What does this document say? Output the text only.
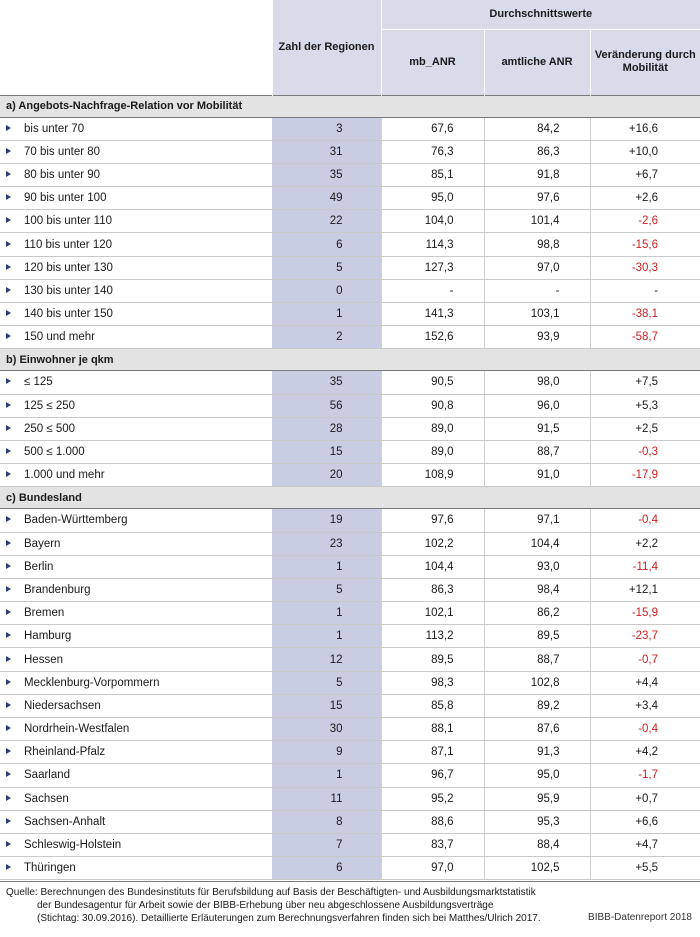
	Zahl der Regionen	Durchschnittswerte		
		mb_ANR	amtliche ANR	Veränderung durch Mobilität
a) Angebots-Nachfrage-Relation vor Mobilität				
bis unter 70	3	67,6	84,2	+16,6
70 bis unter 80	31	76,3	86,3	+10,0
80 bis unter 90	35	85,1	91,8	+6,7
90 bis unter 100	49	95,0	97,6	+2,6
100 bis unter 110	22	104,0	101,4	-2,6
110 bis unter 120	6	114,3	98,8	-15,6
120 bis unter 130	5	127,3	97,0	-30,3
130 bis unter 140	0	-	-	-
140 bis unter 150	1	141,3	103,1	-38,1
150 und mehr	2	152,6	93,9	-58,7
b) Einwohner je qkm				
≤ 125	35	90,5	98,0	+7,5
125 ≤ 250	56	90,8	96,0	+5,3
250 ≤ 500	28	89,0	91,5	+2,5
500 ≤ 1.000	15	89,0	88,7	-0,3
1.000 und mehr	20	108,9	91,0	-17,9
c) Bundesland				
Baden-Württemberg	19	97,6	97,1	-0,4
Bayern	23	102,2	104,4	+2,2
Berlin	1	104,4	93,0	-11,4
Brandenburg	5	86,3	98,4	+12,1
Bremen	1	102,1	86,2	-15,9
Hamburg	1	113,2	89,5	-23,7
Hessen	12	89,5	88,7	-0,7
Mecklenburg-Vorpommern	5	98,3	102,8	+4,4
Niedersachsen	15	85,8	89,2	+3,4
Nordrhein-Westfalen	30	88,1	87,6	-0,4
Rheinland-Pfalz	9	87,1	91,3	+4,2
Saarland	1	96,7	95,0	-1,7
Sachsen	11	95,2	95,9	+0,7
Sachsen-Anhalt	8	88,6	95,3	+6,6
Schleswig-Holstein	7	83,7	88,4	+4,7
Thüringen	6	97,0	102,5	+5,5
Quelle: Berechnungen des Bundesinstituts für Berufsbildung auf Basis der Beschäftigten- und Ausbildungsmarktstatistik
der Bundesagentur für Arbeit sowie der BIBB-Erhebung über neu abgeschlossene Ausbildungsverträge
(Stichtag: 30.09.2016). Detaillierte Erläuterungen zum Berechnungsverfahren finden sich bei Matthes/Ulrich 2017.	BIBB-Datenreport 2018
